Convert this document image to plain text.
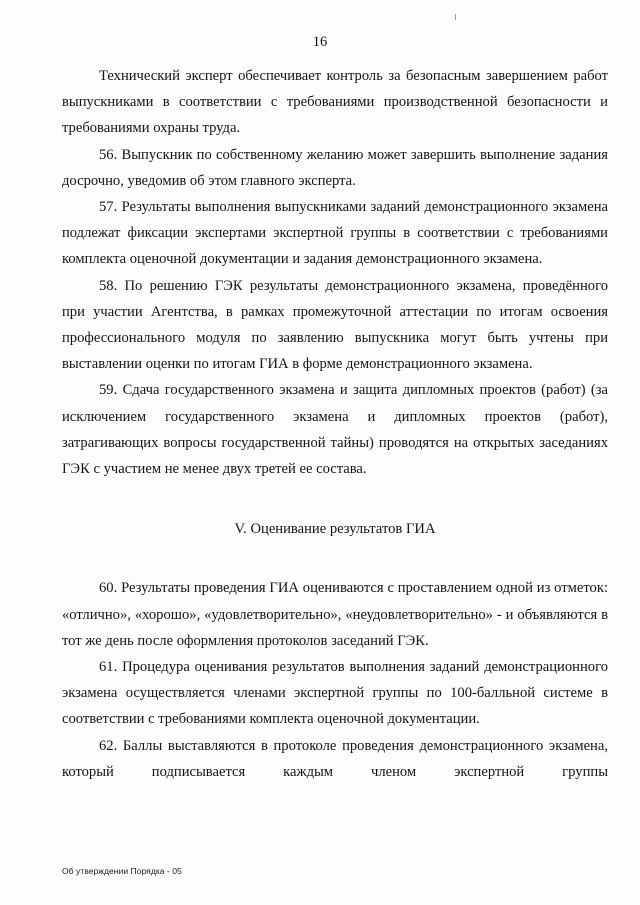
16

Технический эксперт обеспечивает контроль за безопасным завершением работ выпускниками в соответствии с требованиями производственной безопасности и требованиями охраны труда.

56. Выпускник по собственному желанию может завершить выполнение задания досрочно, уведомив об этом главного эксперта.

57. Результаты выполнения выпускниками заданий демонстрационного экзамена подлежат фиксации экспертами экспертной группы в соответствии с требованиями комплекта оценочной документации и задания демонстрационного экзамена.

58. По решению ГЭК результаты демонстрационного экзамена, проведённого при участии Агентства, в рамках промежуточной аттестации по итогам освоения профессионального модуля по заявлению выпускника могут быть учтены при выставлении оценки по итогам ГИА в форме демонстрационного экзамена.

59. Сдача государственного экзамена и защита дипломных проектов (работ) (за исключением государственного экзамена и дипломных проектов (работ), затрагивающих вопросы государственной тайны) проводятся на открытых заседаниях ГЭК с участием не менее двух третей ее состава.

V. Оценивание результатов ГИА

60. Результаты проведения ГИА оцениваются с проставлением одной из отметок: «отлично», «хорошо», «удовлетворительно», «неудовлетворительно» - и объявляются в тот же день после оформления протоколов заседаний ГЭК.

61. Процедура оценивания результатов выполнения заданий демонстрационного экзамена осуществляется членами экспертной группы по 100-балльной системе в соответствии с требованиями комплекта оценочной документации.

62. Баллы выставляются в протоколе проведения демонстрационного экзамена, который подписывается каждым членом экспертной группы

Об утверждении Порядка - 05
